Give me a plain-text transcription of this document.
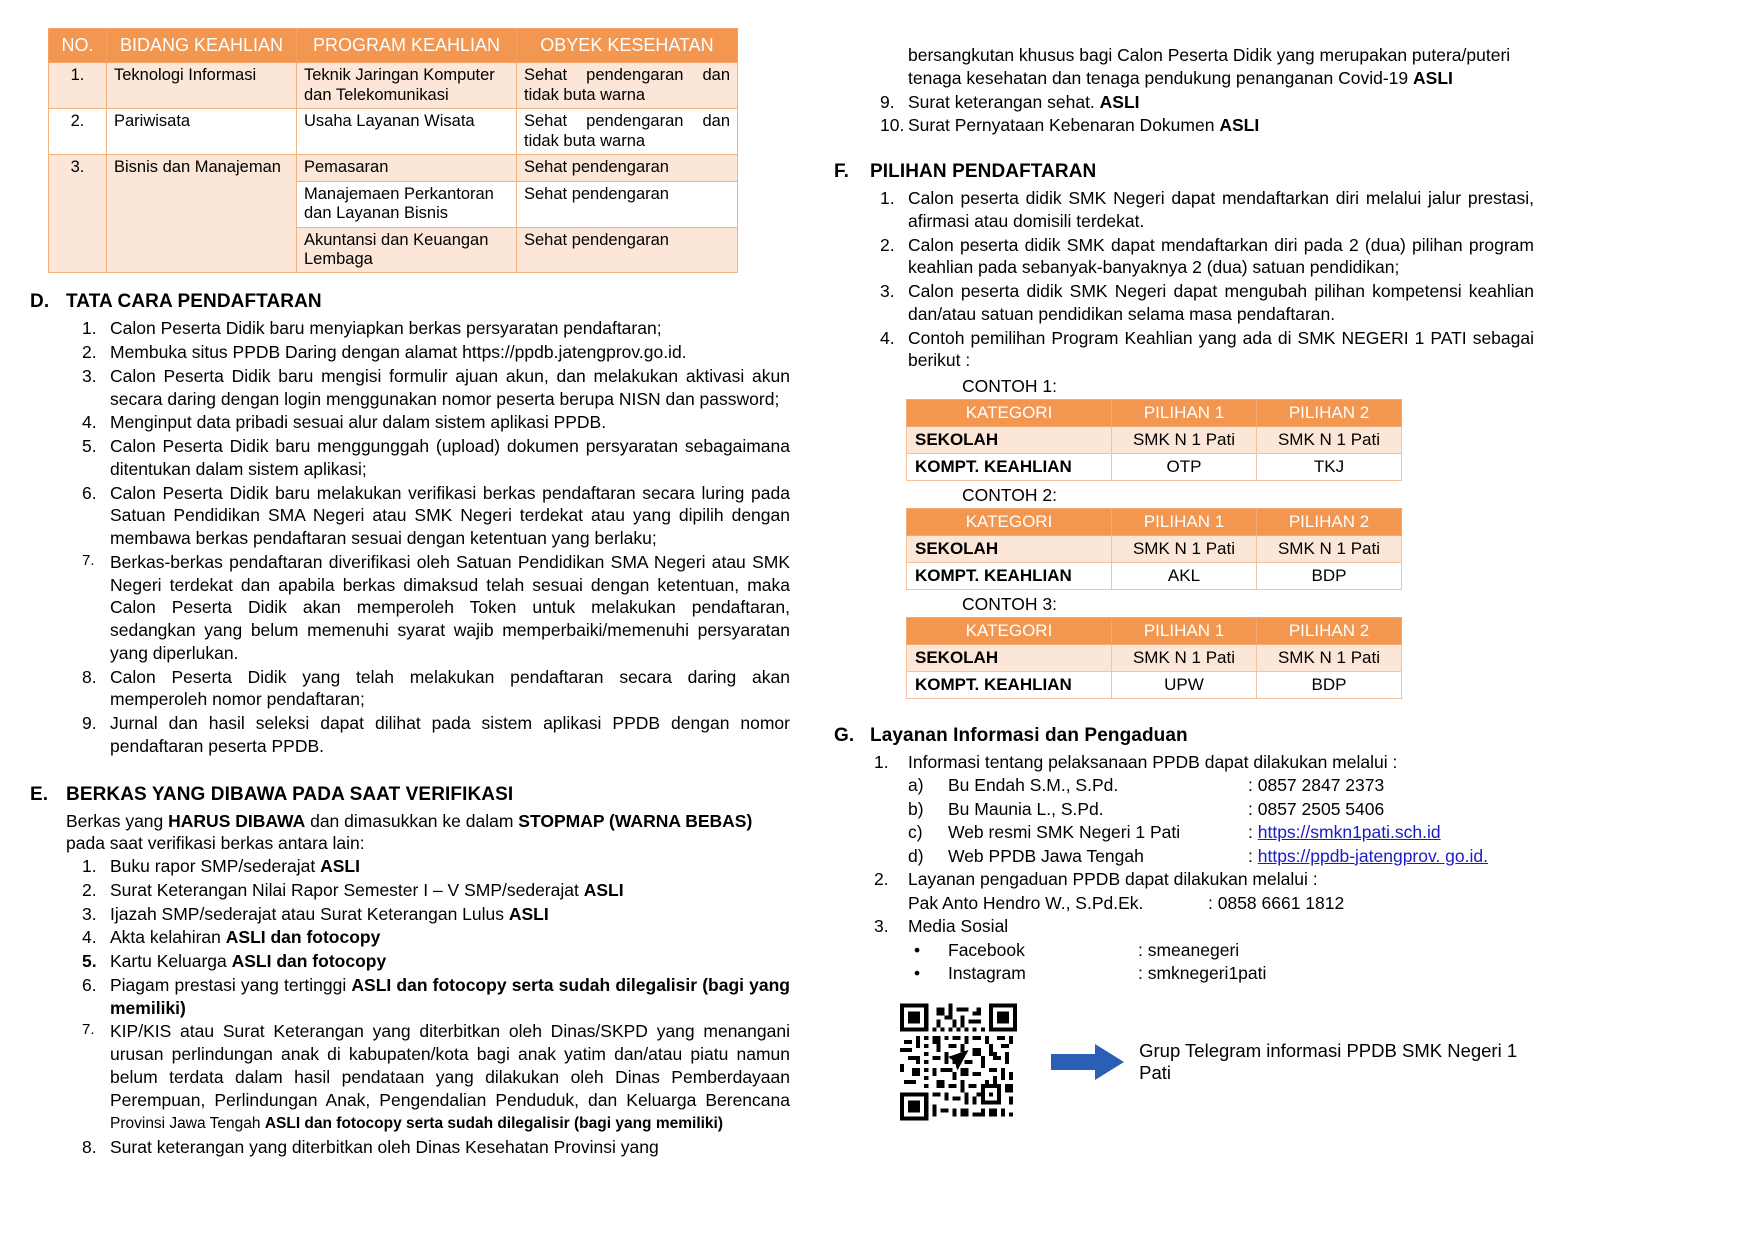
NO.	BIDANG KEAHLIAN	PROGRAM KEAHLIAN	OBYEK KESEHATAN
1.	Teknologi Informasi	Teknik Jaringan Komputer dan Telekomunikasi	Sehat pendengaran dan tidak buta warna
2.	Pariwisata	Usaha Layanan Wisata	Sehat pendengaran dan tidak buta warna
3.	Bisnis dan Manajeman	Pemasaran	Sehat pendengaran
		Manajemaen Perkantoran dan Layanan Bisnis	Sehat pendengaran
		Akuntansi dan Keuangan Lembaga	Sehat pendengaran
D. TATA CARA PENDAFTARAN
1. Calon Peserta Didik baru menyiapkan berkas persyaratan pendaftaran;
2. Membuka situs PPDB Daring dengan alamat https://ppdb.jatengprov.go.id.
3. Calon Peserta Didik baru mengisi formulir ajuan akun, dan melakukan aktivasi akun secara daring dengan login menggunakan nomor peserta berupa NISN dan password;
4. Menginput data pribadi sesuai alur dalam sistem aplikasi PPDB.
5. Calon Peserta Didik baru menggunggah (upload) dokumen persyaratan sebagaimana ditentukan dalam sistem aplikasi;
6. Calon Peserta Didik baru melakukan verifikasi berkas pendaftaran secara luring pada Satuan Pendidikan SMA Negeri atau SMK Negeri terdekat atau yang dipilih dengan membawa berkas pendaftaran sesuai dengan ketentuan yang berlaku;
7. Berkas-berkas pendaftaran diverifikasi oleh Satuan Pendidikan SMA Negeri atau SMK Negeri terdekat dan apabila berkas dimaksud telah sesuai dengan ketentuan, maka Calon Peserta Didik akan memperoleh Token untuk melakukan pendaftaran, sedangkan yang belum memenuhi syarat wajib memperbaiki/memenuhi persyaratan yang diperlukan.
8. Calon Peserta Didik yang telah melakukan pendaftaran secara daring akan memperoleh nomor pendaftaran;
9. Jurnal dan hasil seleksi dapat dilihat pada sistem aplikasi PPDB dengan nomor pendaftaran peserta PPDB.
E. BERKAS YANG DIBAWA PADA SAAT VERIFIKASI
Berkas yang HARUS DIBAWA dan dimasukkan ke dalam STOPMAP (WARNA BEBAS)
pada saat verifikasi berkas antara lain:
1. Buku rapor SMP/sederajat ASLI
2. Surat Keterangan Nilai Rapor Semester I – V SMP/sederajat ASLI
3. Ijazah SMP/sederajat atau Surat Keterangan Lulus ASLI
4. Akta kelahiran ASLI dan fotocopy
5. Kartu Keluarga ASLI dan fotocopy
6. Piagam prestasi yang tertinggi ASLI dan fotocopy serta sudah dilegalisir (bagi yang memiliki)
7. KIP/KIS atau Surat Keterangan yang diterbitkan oleh Dinas/SKPD yang menangani urusan perlindungan anak di kabupaten/kota bagi anak yatim dan/atau piatu namun belum terdata dalam hasil pendataan yang dilakukan oleh Dinas Pemberdayaan Perempuan, Perlindungan Anak, Pengendalian Penduduk, dan Keluarga Berencana Provinsi Jawa Tengah ASLI dan fotocopy serta sudah dilegalisir (bagi yang memiliki)
8. Surat keterangan yang diterbitkan oleh Dinas Kesehatan Provinsi yang
bersangkutan khusus bagi Calon Peserta Didik yang merupakan putera/puteri
tenaga kesehatan dan tenaga pendukung penanganan Covid-19 ASLI
9. Surat keterangan sehat. ASLI
10. Surat Pernyataan Kebenaran Dokumen ASLI
F.	PILIHAN PENDAFTARAN
1. Calon peserta didik SMK Negeri dapat mendaftarkan diri melalui jalur prestasi, afirmasi atau domisili terdekat.
2. Calon peserta didik SMK dapat mendaftarkan diri pada 2 (dua) pilihan program keahlian pada sebanyak-banyaknya 2 (dua) satuan pendidikan;
3. Calon peserta didik SMK Negeri dapat mengubah pilihan kompetensi keahlian dan/atau satuan pendidikan selama masa pendaftaran.
4. Contoh pemilihan Program Keahlian yang ada di SMK NEGERI 1 PATI sebagai berikut :
CONTOH 1:
KATEGORI	PILIHAN 1	PILIHAN 2
SEKOLAH	SMK N 1 Pati	SMK N 1 Pati
KOMPT. KEAHLIAN	OTP	TKJ
CONTOH 2:
KATEGORI	PILIHAN 1	PILIHAN 2
SEKOLAH	SMK N 1 Pati	SMK N 1 Pati
KOMPT. KEAHLIAN	AKL	BDP
CONTOH 3:
KATEGORI	PILIHAN 1	PILIHAN 2
SEKOLAH	SMK N 1 Pati	SMK N 1 Pati
KOMPT. KEAHLIAN	UPW	BDP
G. Layanan Informasi dan Pengaduan
1.	Informasi tentang pelaksanaan PPDB dapat dilakukan melalui :
a)	Bu Endah S.M., S.Pd.	: 0857 2847 2373
b)	Bu Maunia L., S.Pd.	: 0857 2505 5406
c)	Web resmi SMK Negeri 1 Pati	: https://smkn1pati.sch.id
d)	Web PPDB Jawa Tengah	: https://ppdb-jatengprov. go.id.
2.	Layanan pengaduan PPDB dapat dilakukan melalui :
Pak Anto Hendro W., S.Pd.Ek.	: 0858 6661 1812
3.	Media Sosial
•	Facebook	: smeanegeri
•	Instagram	: smknegeri1pati
Grup Telegram informasi PPDB SMK Negeri 1 Pati
